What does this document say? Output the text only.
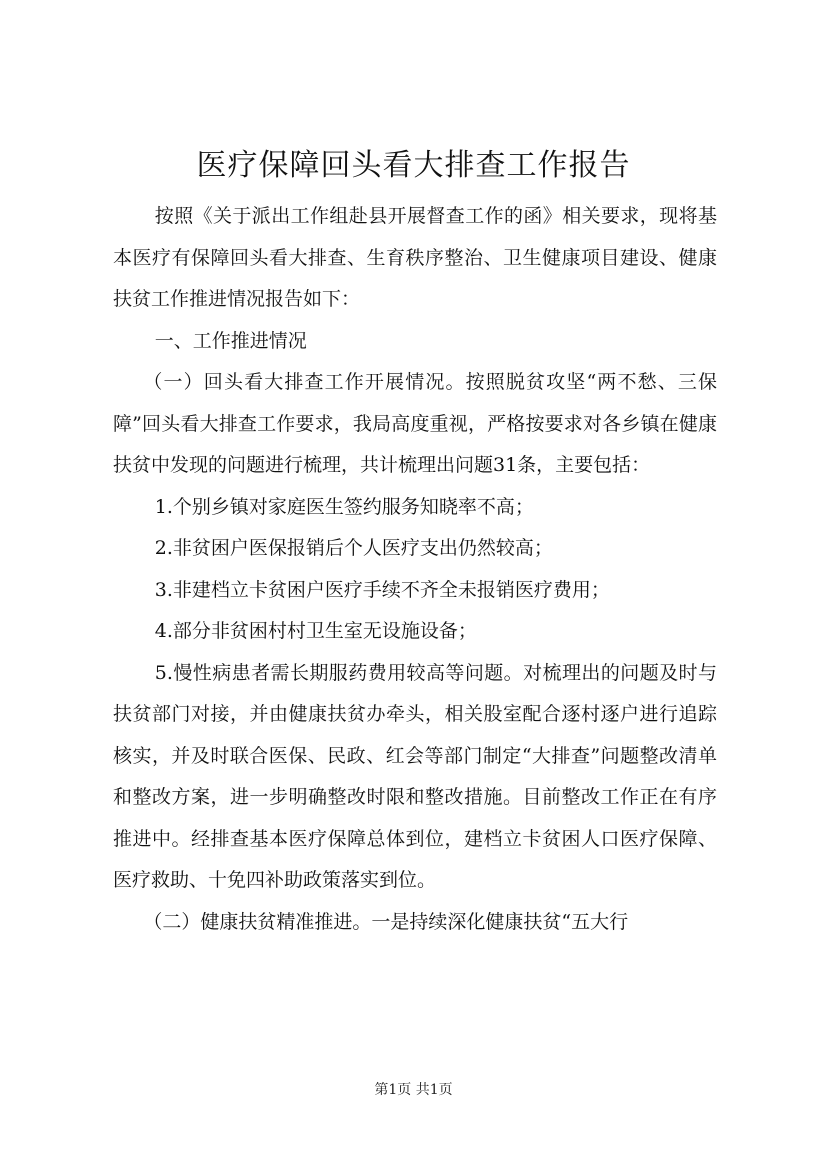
医疗保障回头看大排查工作报告

按照《关于派出工作组赴县开展督查工作的函》相关要求，现将基本医疗有保障回头看大排查、生育秩序整治、卫生健康项目建设、健康扶贫工作推进情况报告如下：

一、工作推进情况

（一）回头看大排查工作开展情况。按照脱贫攻坚“两不愁、三保障”回头看大排查工作要求，我局高度重视，严格按要求对各乡镇在健康扶贫中发现的问题进行梳理，共计梳理出问题31条，主要包括：

1.个别乡镇对家庭医生签约服务知晓率不高；

2.非贫困户医保报销后个人医疗支出仍然较高；

3.非建档立卡贫困户医疗手续不齐全未报销医疗费用；

4.部分非贫困村村卫生室无设施设备；

5.慢性病患者需长期服药费用较高等问题。对梳理出的问题及时与扶贫部门对接，并由健康扶贫办牵头，相关股室配合逐村逐户进行追踪核实，并及时联合医保、民政、红会等部门制定“大排查”问题整改清单和整改方案，进一步明确整改时限和整改措施。目前整改工作正在有序推进中。经排查基本医疗保障总体到位，建档立卡贫困人口医疗保障、医疗救助、十免四补助政策落实到位。

（二）健康扶贫精准推进。一是持续深化健康扶贫“五大行

第1页 共1页
